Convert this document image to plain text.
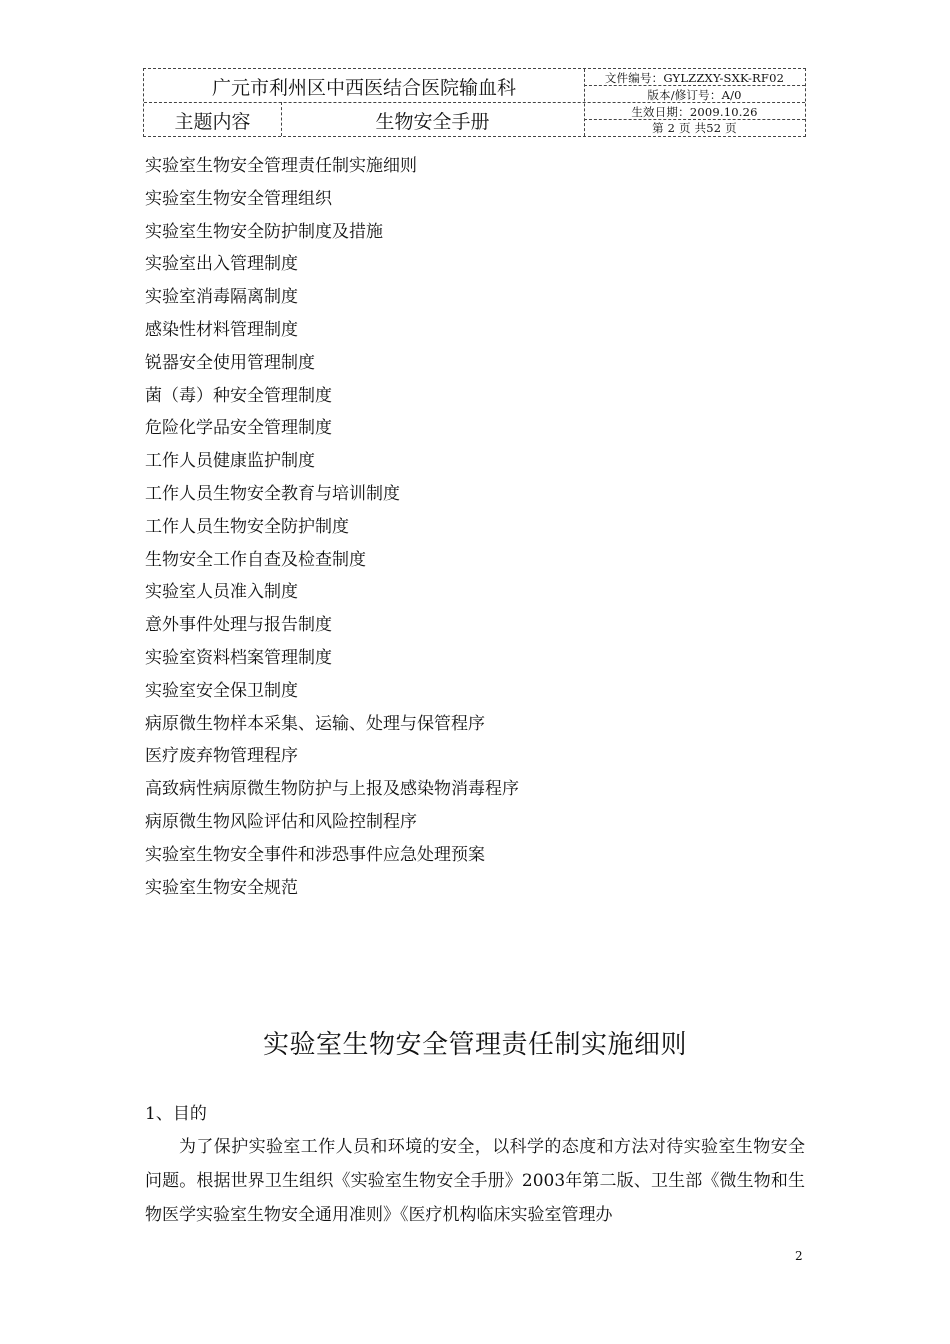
广元市利州区中西医结合医院输血科
主题内容	生物安全手册
文件编号：GYLZZXY-SXK-RF02
版本/修订号：A/0
生效日期：2009.10.26
第 2 页 共52 页
实验室生物安全管理责任制实施细则
实验室生物安全管理组织
实验室生物安全防护制度及措施
实验室出入管理制度
实验室消毒隔离制度
感染性材料管理制度
锐器安全使用管理制度
菌（毒）种安全管理制度
危险化学品安全管理制度
工作人员健康监护制度
工作人员生物安全教育与培训制度
工作人员生物安全防护制度
生物安全工作自查及检查制度
实验室人员准入制度
意外事件处理与报告制度
实验室资料档案管理制度
实验室安全保卫制度
病原微生物样本采集、运输、处理与保管程序
医疗废弃物管理程序
高致病性病原微生物防护与上报及感染物消毒程序
病原微生物风险评估和风险控制程序
实验室生物安全事件和涉恐事件应急处理预案
实验室生物安全规范
实验室生物安全管理责任制实施细则
1、目的

为了保护实验室工作人员和环境的安全，以科学的态度和方法对待实验室生物安全问题。根据世界卫生组织《实验室生物安全手册》2003年第二版、卫生部《微生物和生物医学实验室生物安全通用准则》《医疗机构临床实验室管理办

2
